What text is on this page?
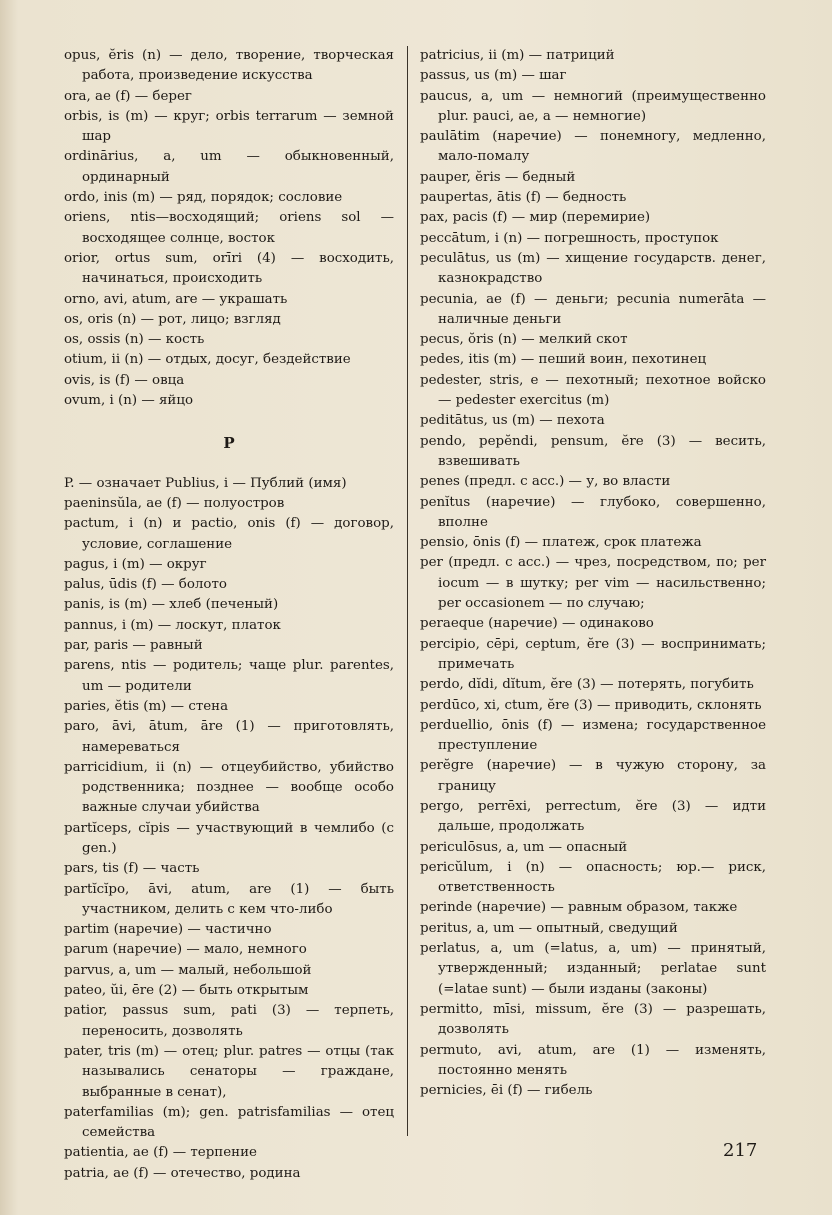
opus, ĕris (n) — дело, творение, творческая работа, произведение искусства

ora, ae (f) — берег

orbis, is (m) — круг; orbis terrarum — земной шар

ordinārius, a, um — обыкновенный, ординарный

ordo, inis (m) — ряд, порядок; сословие

oriens, ntis—восходящий; oriens sol — восходящее солнце, восток

orior, ortus sum, orīri (4) — восходить, начинаться, происходить

orno, avi, atum, are — украшать

os, oris (n) — рот, лицо; взгляд

os, ossis (n) — кость

otium, ii (n) — отдых, досуг, бездействие

ovis, is (f) — овца

ovum, i (n) — яйцо

P

P. — означает Publius, i — Публий (имя)

paeninsŭla, ae (f) — полуостров

pactum, i (n) и pactio, onis (f) — договор, условие, соглашение

pagus, i (m) — округ

palus, ūdis (f) — болото

panis, is (m) — хлеб (печеный)

pannus, i (m) — лоскут, платок

par, paris — равный

parens, ntis — родитель; чаще plur. parentes, um — родители

paries, ĕtis (m) — стена

paro, āvi, ātum, āre (1) — приготовлять, намереваться

parricidium, ii (n) — отцеубийство, убийство родственника; позднее — вообще особо важные случаи убийства

partĭceps, cĭpis — участвующий в чемлибо (с gen.)

pars, tis (f) — часть

partĭcĭpo, āvi, atum, are (1) — быть участником, делить с кем что-либо

partim (наречие) — частично

parum (наречие) — мало, немного

parvus, a, um — малый, небольшой

pateo, ŭi, ēre (2) — быть открытым

patior, passus sum, pati (3) — терпеть, переносить, дозволять

pater, tris (m) — отец; plur. patres — отцы (так назывались сенаторы — граждане, выбранные в сенат),

paterfamilias (m); gen. patrisfamilias — отец семейства

patientia, ae (f) — терпение

patria, ae (f) — отечество, родина

patricius, ii (m) — патриций

passus, us (m) — шаг

paucus, a, um — немногий (преимущественно plur. pauci, ae, a — немногие)

paulātim (наречие) — понемногу, медленно, мало-помалу

pauper, ĕris — бедный

paupertas, ātis (f) — бедность

pax, pacis (f) — мир (перемирие)

peccātum, i (n) — погрешность, проступок

peculātus, us (m) — хищение государств. денег, казнокрадство

pecunia, ae (f) — деньги; pecunia numerāta — наличные деньги

pecus, ŏris (n) — мелкий скот

pedes, itis (m) — пеший воин, пехотинец

pedester, stris, e — пехотный; пехотное войско — pedester exercitus (m)

peditātus, us (m) — пехота

pendo, pepĕndi, pensum, ĕre (3) — весить, взвешивать

penes (предл. с acc.) — у, во власти

penĭtus (наречие) — глубоко, совершенно, вполне

pensio, ōnis (f) — платеж, срок платежа

per (предл. с acc.) — чрез, посредством, по; per iocum — в шутку; per vim — насильственно; per occasionem — по случаю;

peraeque (наречие) — одинаково

percipio, cēpi, ceptum, ĕre (3) — воспринимать; примечать

perdo, dĭdi, dĭtum, ĕre (3) — потерять, погубить

perdūco, xi, ctum, ĕre (3) — приводить, склонять

perduellio, ōnis (f) — измена; государственное преступление

perĕgre (наречие) — в чужую сторону, за границу

pergo, perrēxi, perrectum, ĕre (3) — идти дальше, продолжать

periculōsus, a, um — опасный

pericŭlum, i (n) — опасность; юр.— риск, ответственность

perinde (наречие) — равным образом, также

peritus, a, um — опытный, сведущий

perlatus, a, um (=latus, a, um) — принятый, утвержденный; изданный; perlatae sunt (=latae sunt) — были изданы (законы)

permitto, mīsi, missum, ĕre (3) — разрешать, дозволять

permuto, avi, atum, are (1) — изменять, постоянно менять

pernicies, ēi (f) — гибель

217
